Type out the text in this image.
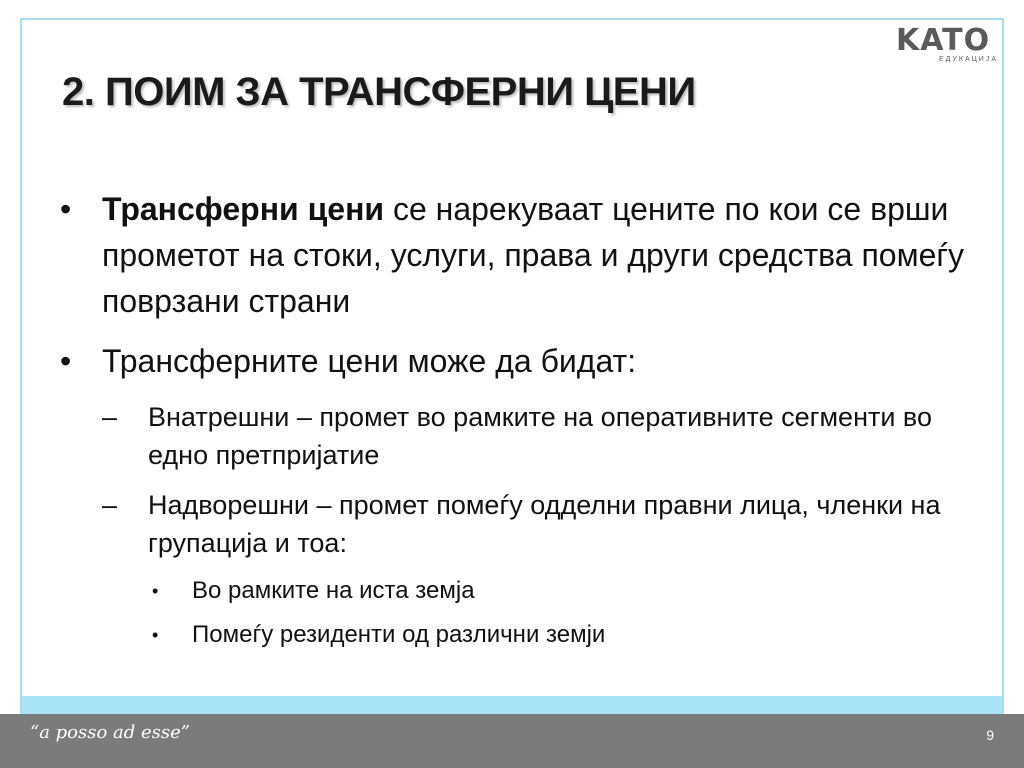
“a posso ad esse”	9
KATO
ЕДУКАЦИЈА
2. ПОИМ ЗА ТРАНСФЕРНИ ЦЕНИ
• Трансферни цени се нарекуваат цените по кои се врши прометот на стоки, услуги, права и други средства помеѓу поврзани страни
• Трансферните цени може да бидат:
– Внатрешни – промет во рамките на оперативните сегменти во едно претпријатие
– Надворешни – промет помеѓу одделни правни лица, членки на групација и тоа:
• Во рамките на иста земја
• Помеѓу резиденти од различни земји
